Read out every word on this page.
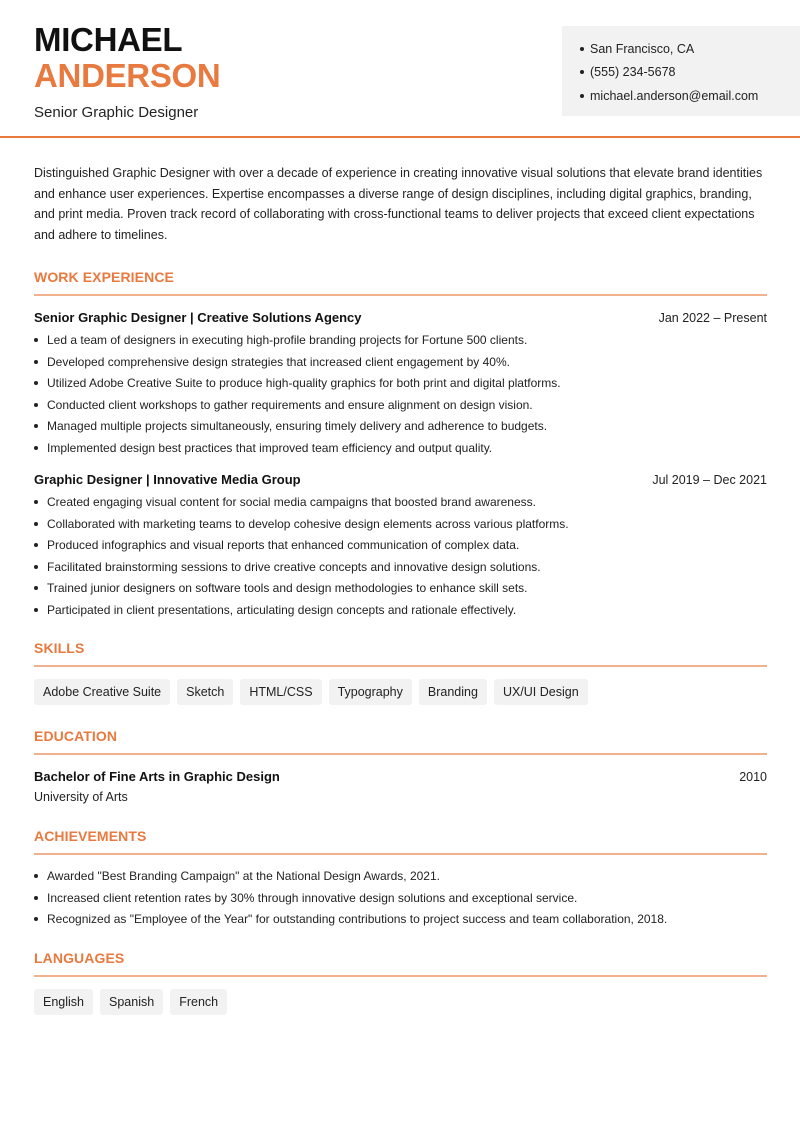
MICHAEL
ANDERSON
Senior Graphic Designer
San Francisco, CA
(555) 234-5678
michael.anderson@email.com

Distinguished Graphic Designer with over a decade of experience in creating innovative visual solutions that elevate brand identities and enhance user experiences. Expertise encompasses a diverse range of design disciplines, including digital graphics, branding, and print media. Proven track record of collaborating with cross-functional teams to deliver projects that exceed client expectations and adhere to timelines.

WORK EXPERIENCE
Senior Graphic Designer | Creative Solutions Agency	Jan 2022 – Present
Led a team of designers in executing high-profile branding projects for Fortune 500 clients.
Developed comprehensive design strategies that increased client engagement by 40%.
Utilized Adobe Creative Suite to produce high-quality graphics for both print and digital platforms.
Conducted client workshops to gather requirements and ensure alignment on design vision.
Managed multiple projects simultaneously, ensuring timely delivery and adherence to budgets.
Implemented design best practices that improved team efficiency and output quality.
Graphic Designer | Innovative Media Group	Jul 2019 – Dec 2021
Created engaging visual content for social media campaigns that boosted brand awareness.
Collaborated with marketing teams to develop cohesive design elements across various platforms.
Produced infographics and visual reports that enhanced communication of complex data.
Facilitated brainstorming sessions to drive creative concepts and innovative design solutions.
Trained junior designers on software tools and design methodologies to enhance skill sets.
Participated in client presentations, articulating design concepts and rationale effectively.
SKILLS
Adobe Creative Suite	Sketch	HTML/CSS	Typography	Branding	UX/UI Design
EDUCATION
Bachelor of Fine Arts in Graphic Design	2010
University of Arts
ACHIEVEMENTS
Awarded "Best Branding Campaign" at the National Design Awards, 2021.
Increased client retention rates by 30% through innovative design solutions and exceptional service.
Recognized as "Employee of the Year" for outstanding contributions to project success and team collaboration, 2018.
LANGUAGES
English	Spanish	French
